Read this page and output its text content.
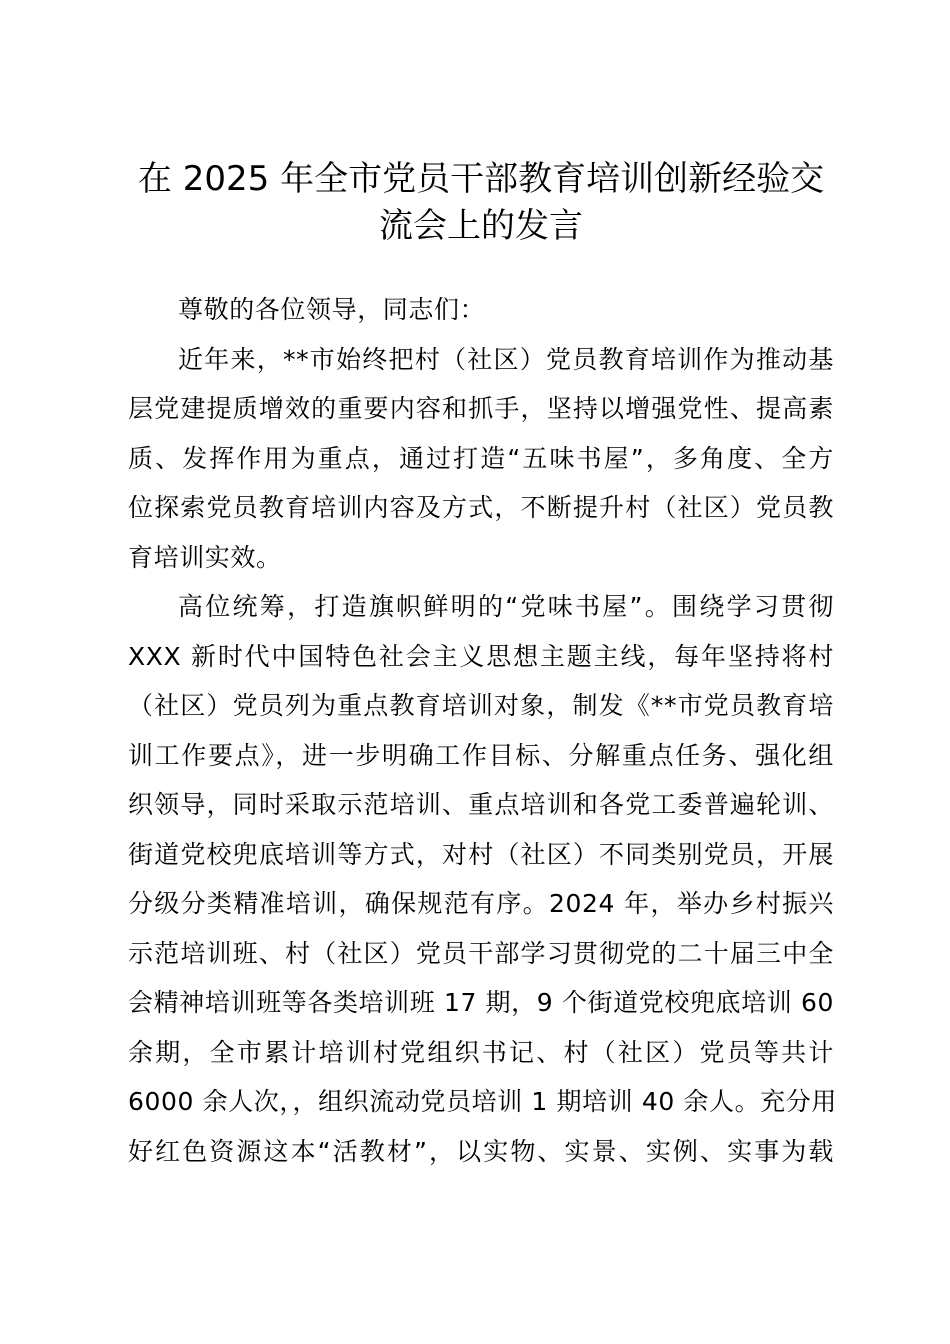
在 2025 年全市党员干部教育培训创新经验交
流会上的发言

尊敬的各位领导，同志们：

近年来，**市始终把村（社区）党员教育培训作为推动基
层党建提质增效的重要内容和抓手，坚持以增强党性、提高素
质、发挥作用为重点，通过打造“五味书屋”，多角度、全方
位探索党员教育培训内容及方式，不断提升村（社区）党员教
育培训实效。

高位统筹，打造旗帜鲜明的“党味书屋”。围绕学习贯彻
XXX 新时代中国特色社会主义思想主题主线，每年坚持将村
（社区）党员列为重点教育培训对象，制发《**市党员教育培
训工作要点》，进一步明确工作目标、分解重点任务、强化组
织领导，同时采取示范培训、重点培训和各党工委普遍轮训、
街道党校兜底培训等方式，对村（社区）不同类别党员，开展
分级分类精准培训，确保规范有序。2024 年，举办乡村振兴
示范培训班、村（社区）党员干部学习贯彻党的二十届三中全
会精神培训班等各类培训班 17 期，9 个街道党校兜底培训 60
余期，全市累计培训村党组织书记、村（社区）党员等共计
6000 余人次，，组织流动党员培训 1 期培训 40 余人。充分用
好红色资源这本“活教材”，以实物、实景、实例、实事为载
